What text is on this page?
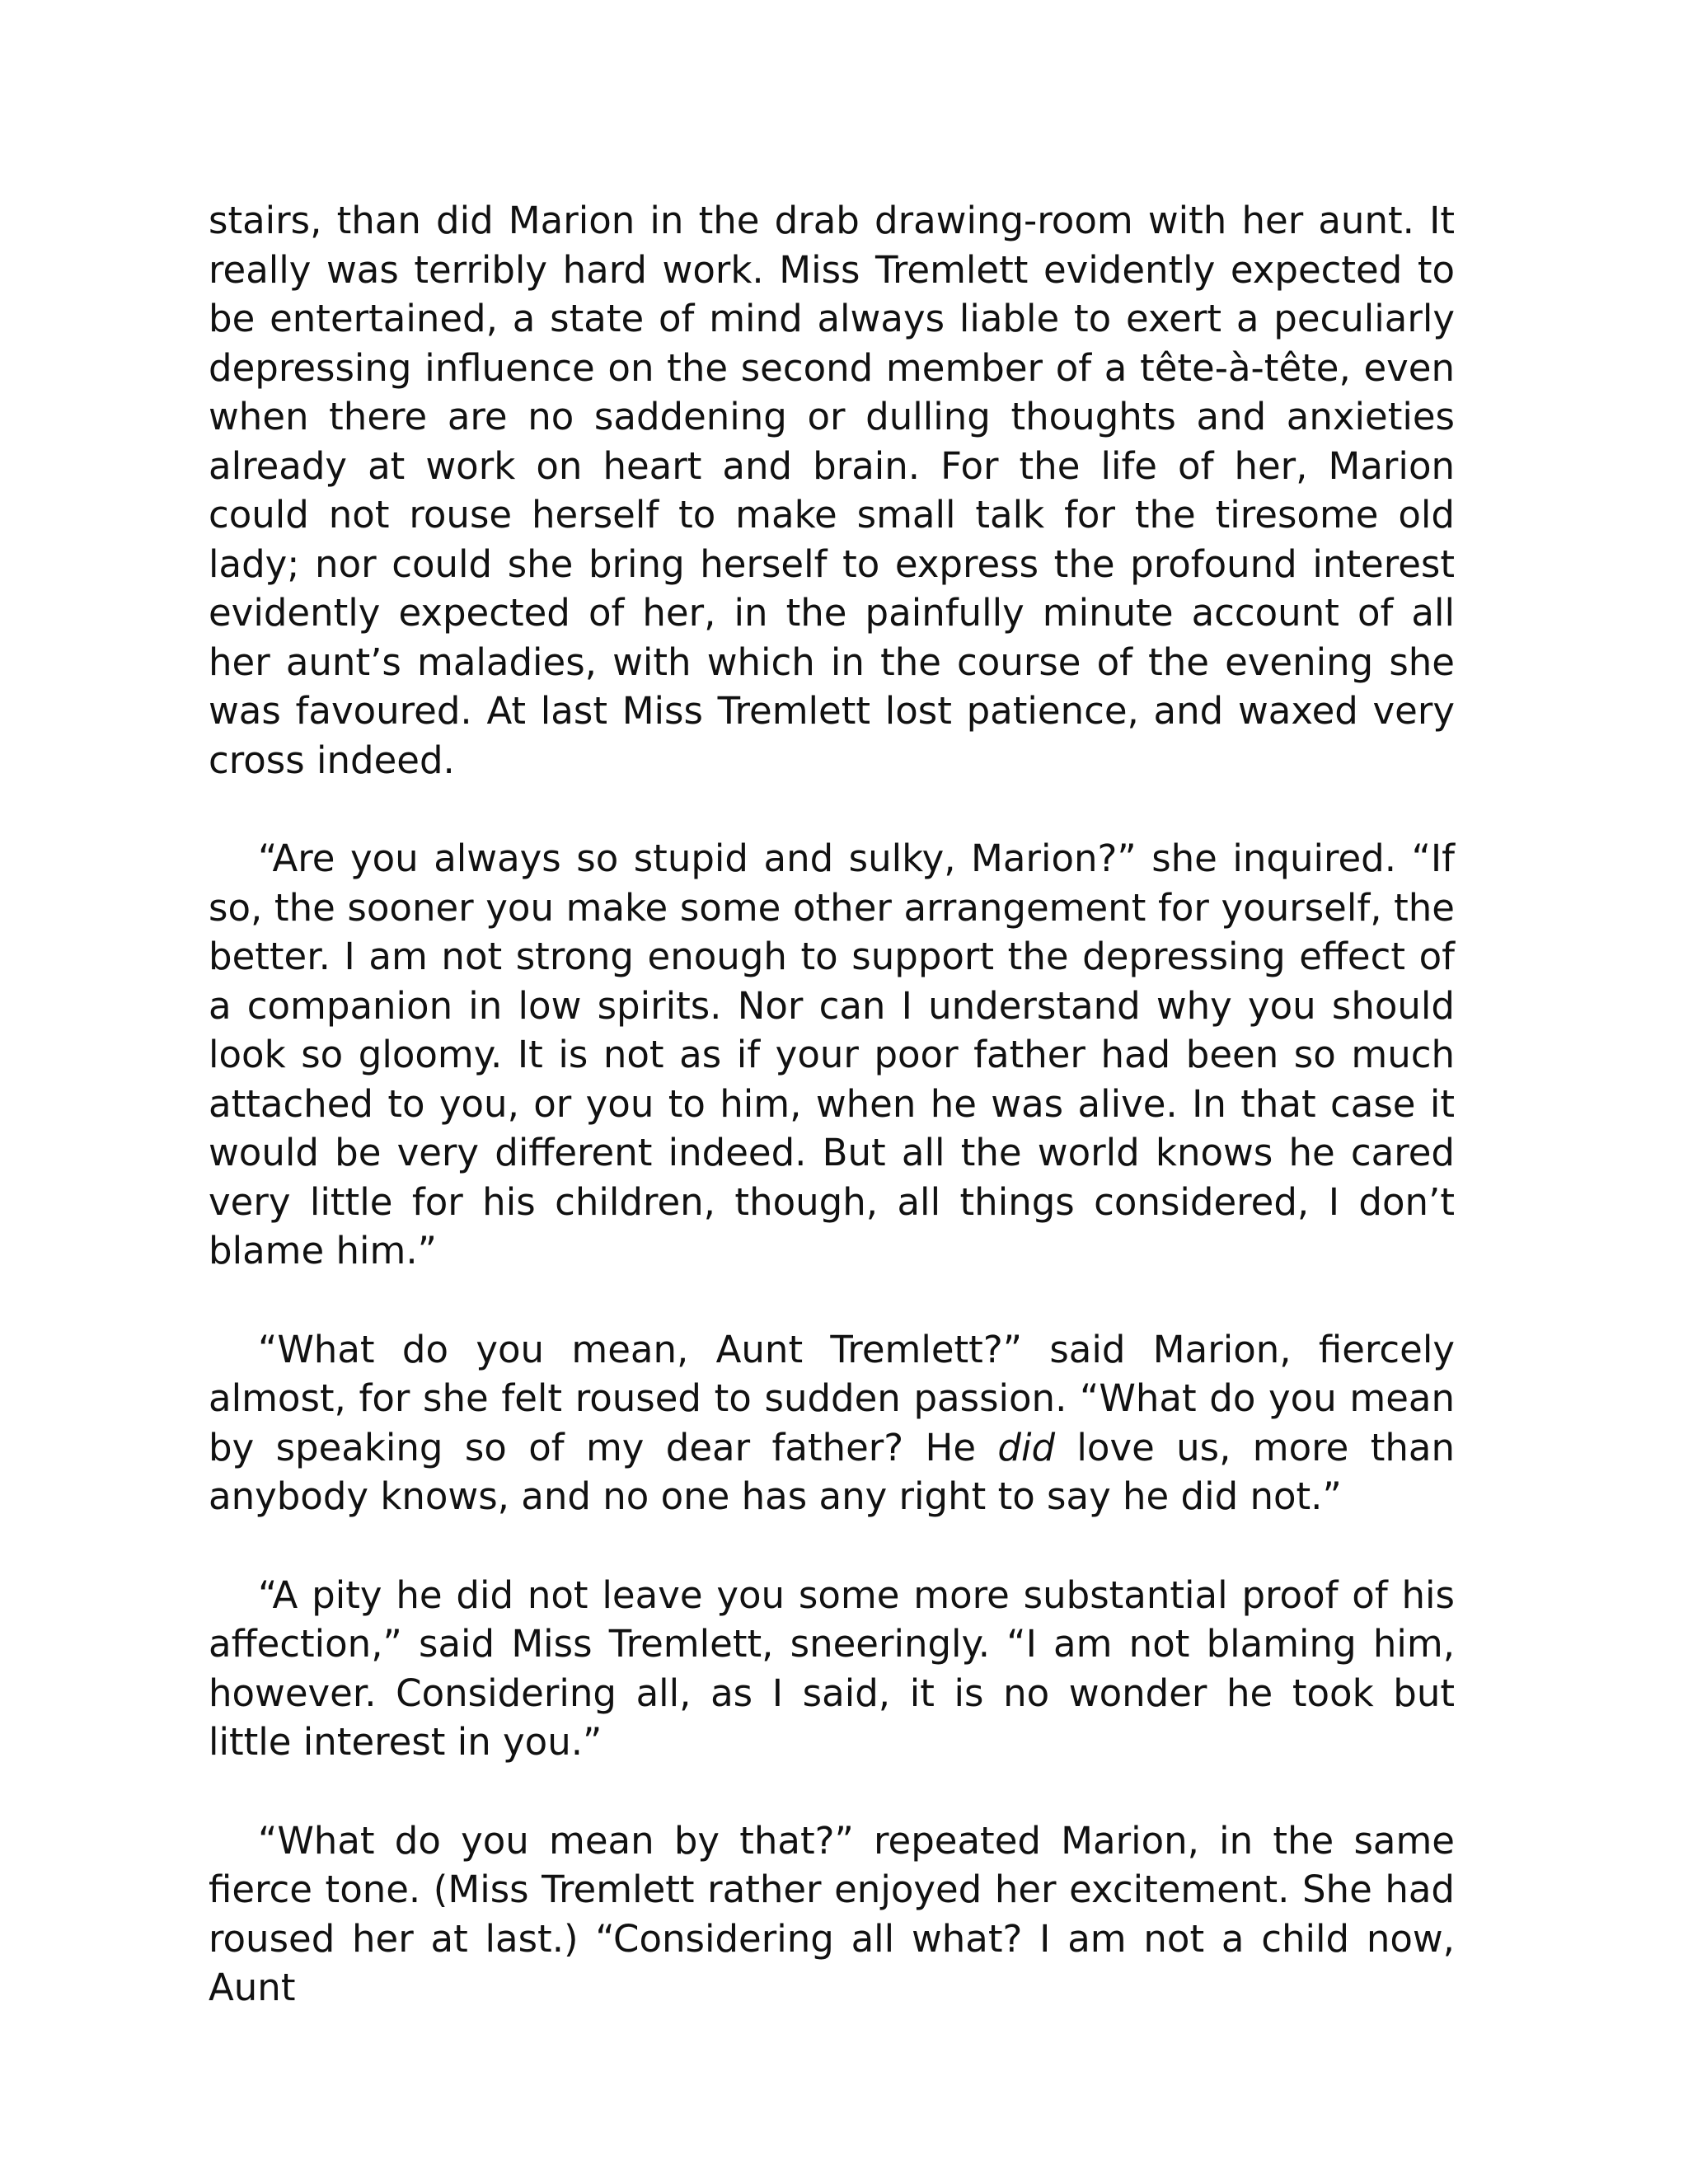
stairs, than did Marion in the drab drawing-room with her aunt. It really was terribly hard work. Miss Tremlett evidently expected to be entertained, a state of mind always liable to exert a peculiarly depressing influence on the second member of a tête-à-tête, even when there are no saddening or dulling thoughts and anxieties already at work on heart and brain. For the life of her, Marion could not rouse herself to make small talk for the tiresome old lady; nor could she bring herself to express the profound interest evidently expected of her, in the painfully minute account of all her aunt’s maladies, with which in the course of the evening she was favoured. At last Miss Tremlett lost patience, and waxed very cross indeed.

“Are you always so stupid and sulky, Marion?” she inquired. “If so, the sooner you make some other arrangement for yourself, the better. I am not strong enough to support the depressing effect of a companion in low spirits. Nor can I understand why you should look so gloomy. It is not as if your poor father had been so much attached to you, or you to him, when he was alive. In that case it would be very different indeed. But all the world knows he cared very little for his children, though, all things considered, I don’t blame him.”

“What do you mean, Aunt Tremlett?” said Marion, fiercely almost, for she felt roused to sudden passion. “What do you mean by speaking so of my dear father? He did love us, more than anybody knows, and no one has any right to say he did not.”

“A pity he did not leave you some more substantial proof of his affection,” said Miss Tremlett, sneeringly. “I am not blaming him, however. Considering all, as I said, it is no wonder he took but little interest in you.”

“What do you mean by that?” repeated Marion, in the same fierce tone. (Miss Tremlett rather enjoyed her excitement. She had roused her at last.) “Considering all what? I am not a child now, Aunt
